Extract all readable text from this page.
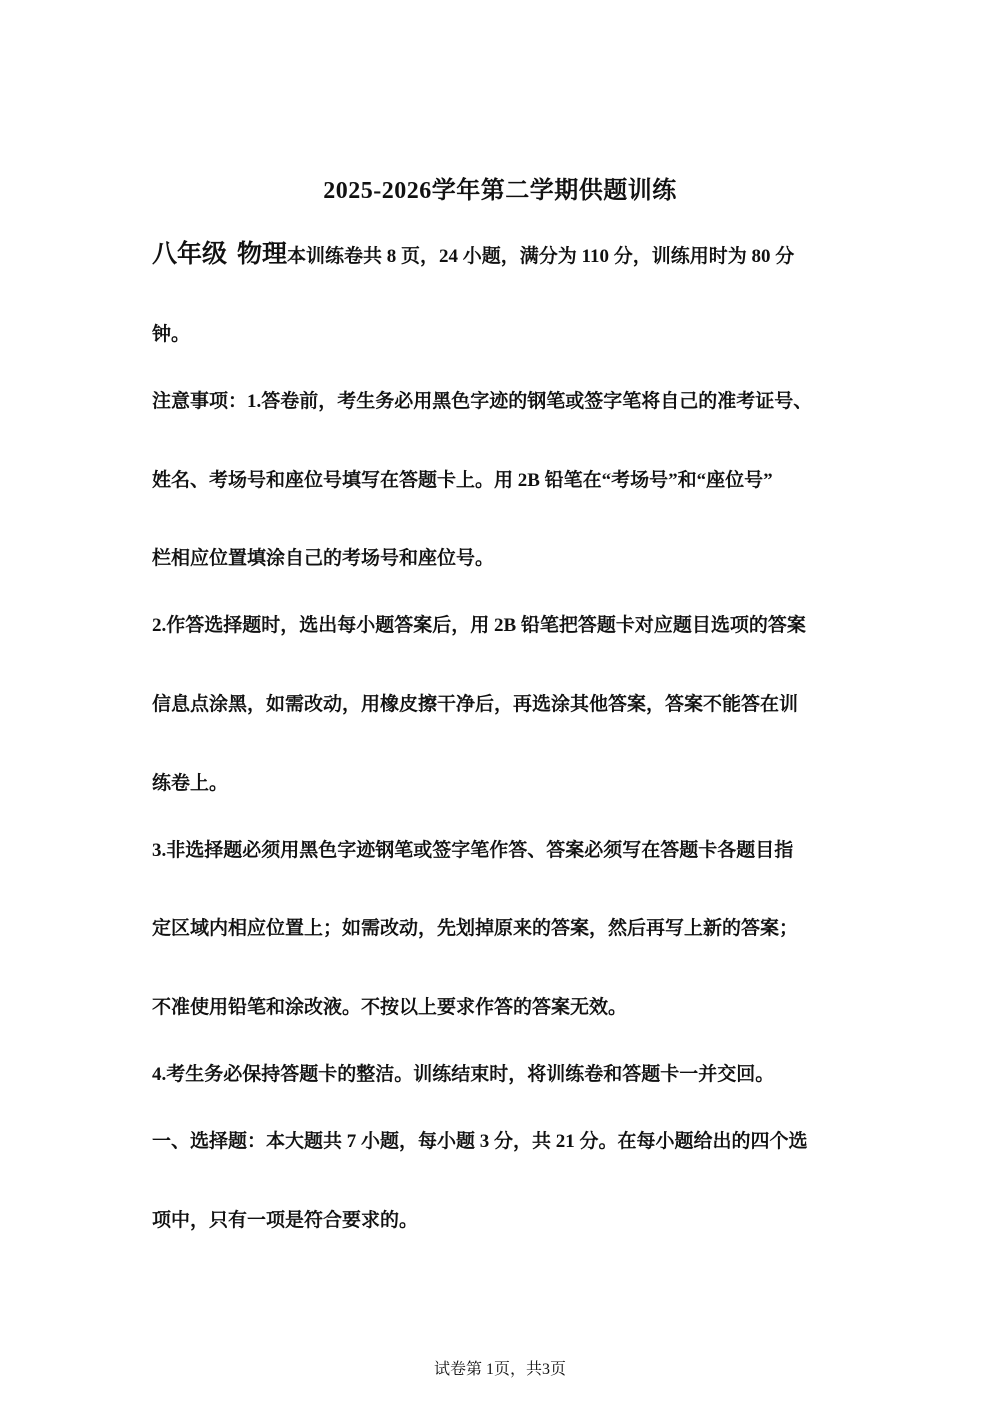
2025-2026学年第二学期供题训练
八年级 物理本训练卷共 8 页，24 小题，满分为 110 分，训练用时为 80 分
钟。
注意事项：1.答卷前，考生务必用黑色字迹的钢笔或签字笔将自己的准考证号、
姓名、考场号和座位号填写在答题卡上。用 2B 铅笔在“考场号”和“座位号”
栏相应位置填涂自己的考场号和座位号。
2.作答选择题时，选出每小题答案后，用 2B 铅笔把答题卡对应题目选项的答案
信息点涂黑，如需改动，用橡皮擦干净后，再选涂其他答案，答案不能答在训
练卷上。
3.非选择题必须用黑色字迹钢笔或签字笔作答、答案必须写在答题卡各题目指
定区域内相应位置上；如需改动，先划掉原来的答案，然后再写上新的答案；
不准使用铅笔和涂改液。不按以上要求作答的答案无效。
4.考生务必保持答题卡的整洁。训练结束时，将训练卷和答题卡一并交回。
一、选择题：本大题共 7 小题，每小题 3 分，共 21 分。在每小题给出的四个选
项中，只有一项是符合要求的。
试卷第 1页，共3页
